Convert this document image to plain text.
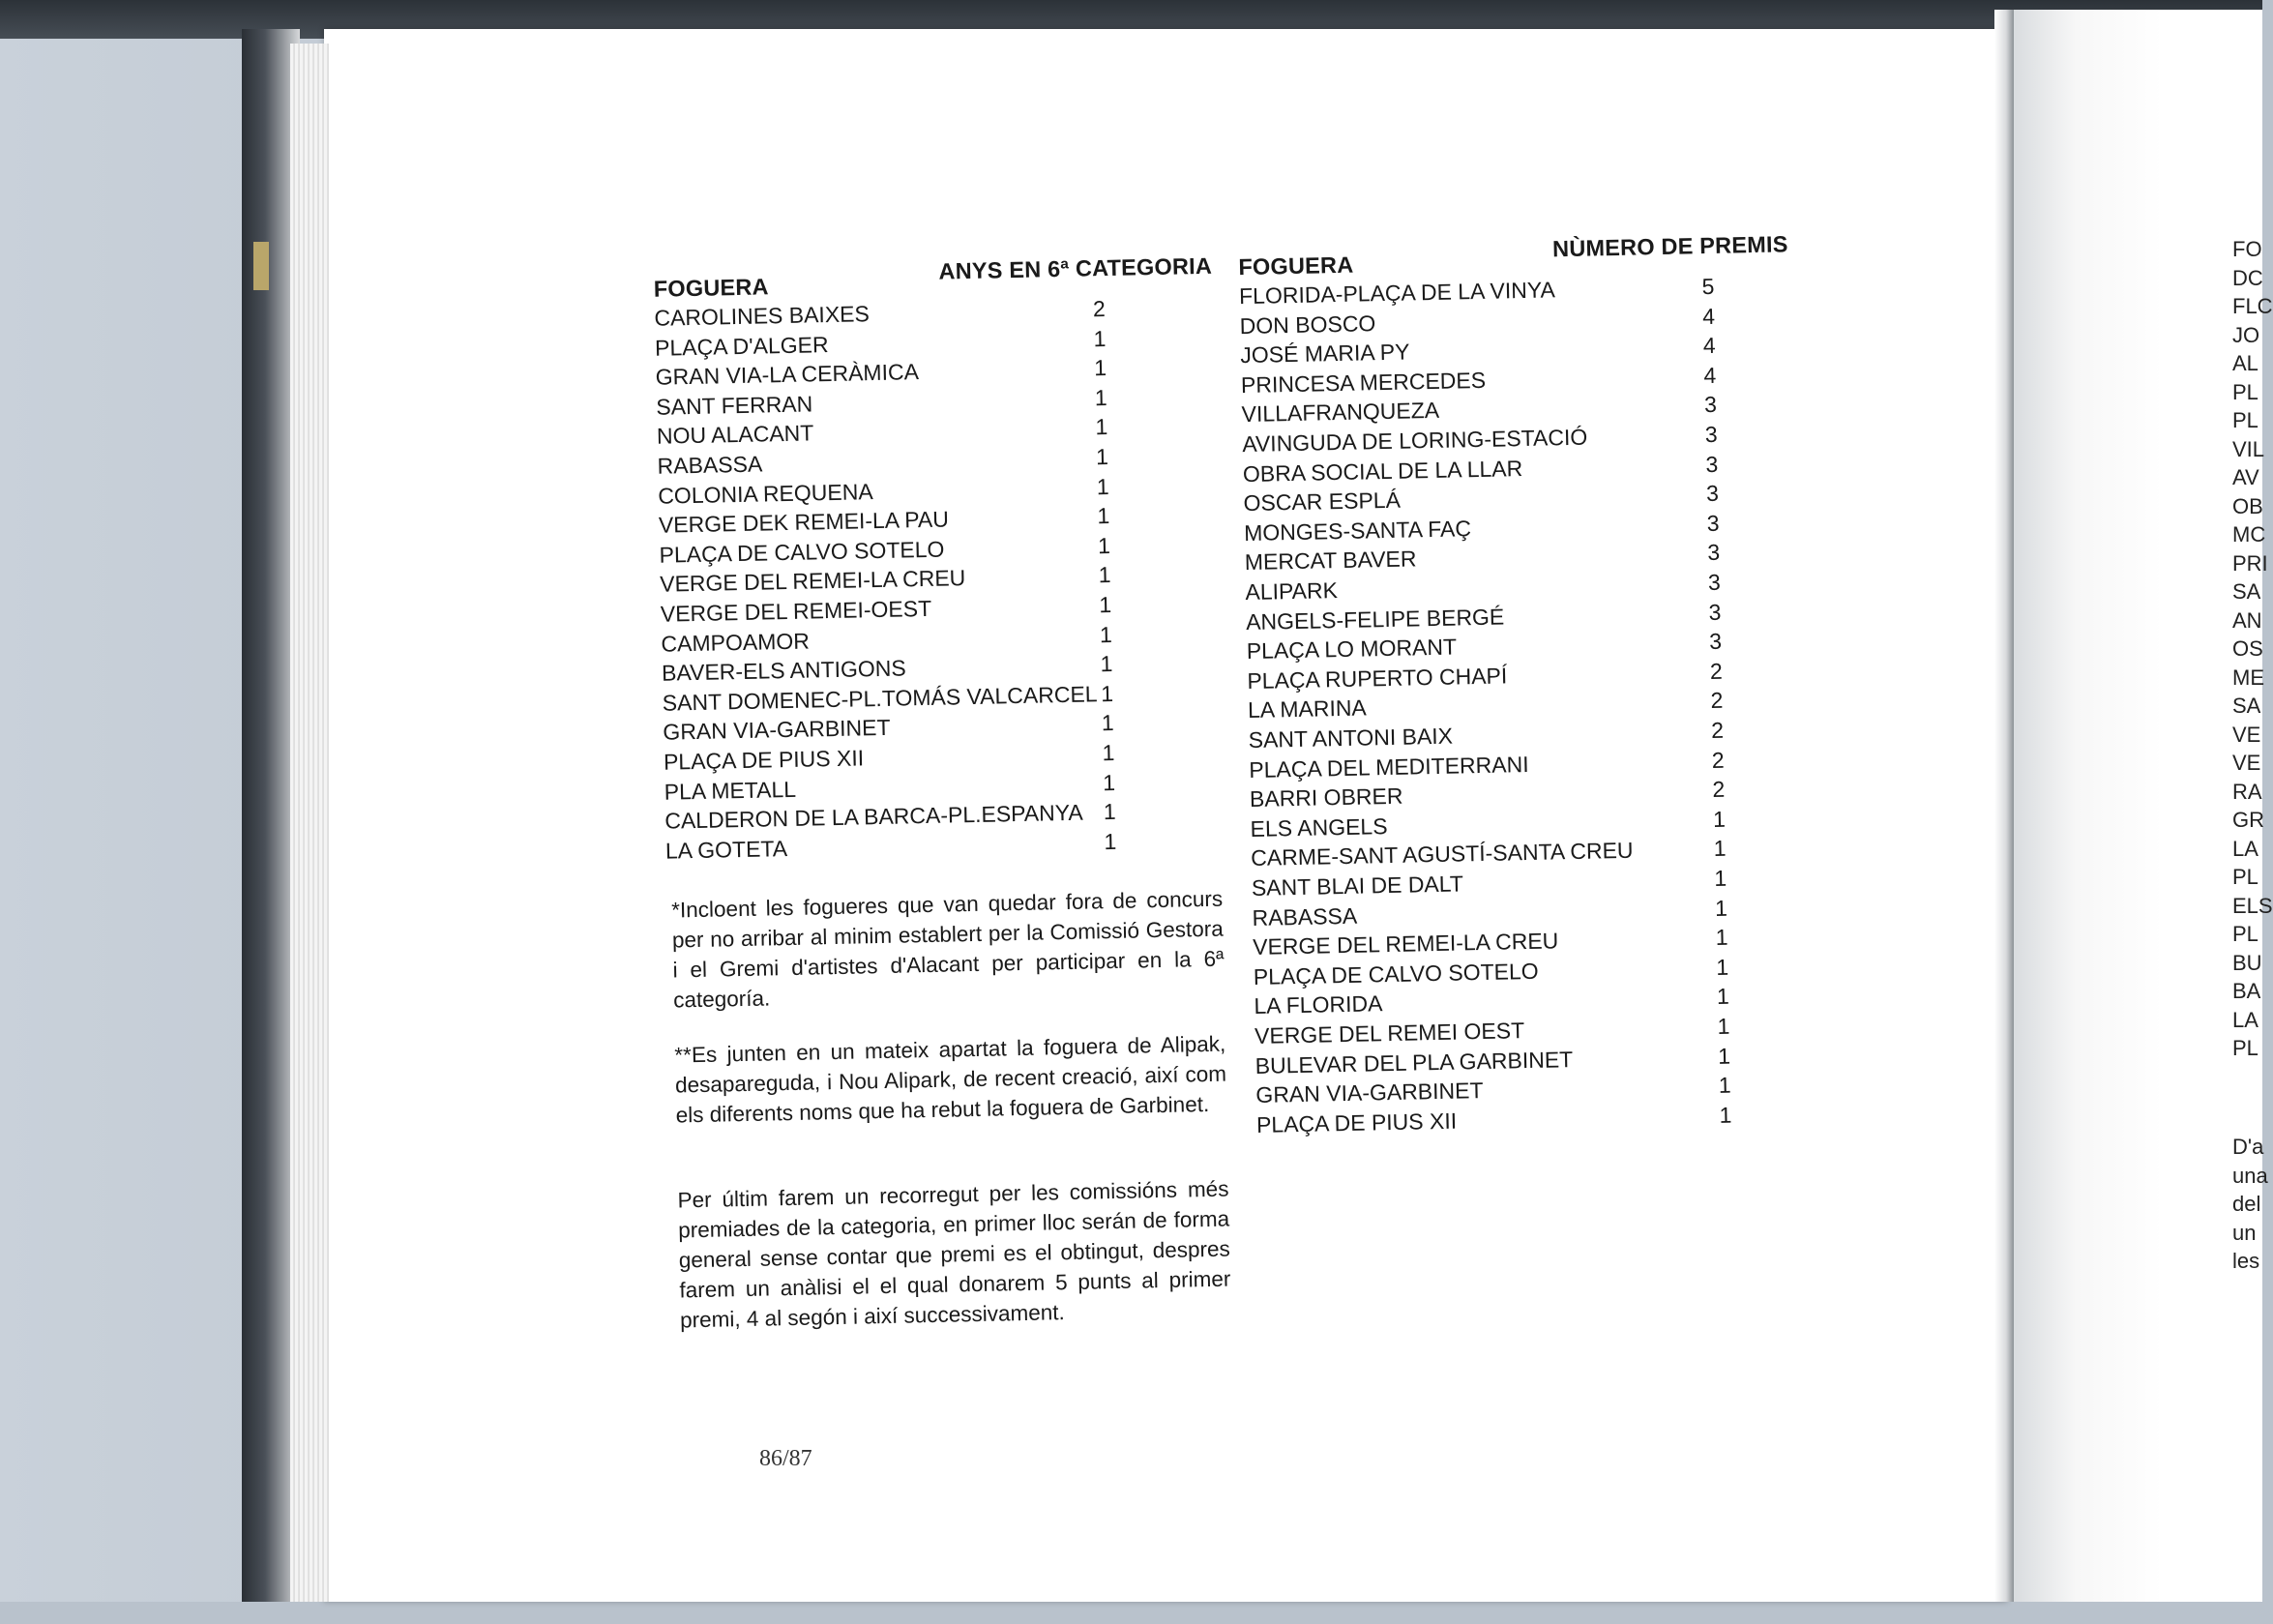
FOGUERA
ANYS EN 6ª CATEGORIA
CAROLINES BAIXES	2
PLAÇA D'ALGER	1
GRAN VIA-LA CERÀMICA	1
SANT FERRAN	1
NOU ALACANT	1
RABASSA	1
COLONIA REQUENA	1
VERGE DEK REMEI-LA PAU	1
PLAÇA DE CALVO SOTELO	1
VERGE DEL REMEI-LA CREU	1
VERGE DEL REMEI-OEST	1
CAMPOAMOR	1
BAVER-ELS ANTIGONS	1
SANT DOMENEC-PL.TOMÁS VALCARCEL 1
GRAN VIA-GARBINET	1
PLAÇA DE PIUS XII	1
PLA METALL	1
CALDERON DE LA BARCA-PL.ESPANYA 1
LA GOTETA	1
FOGUERA
NÙMERO DE PREMIS
FLORIDA-PLAÇA DE LA VINYA	5
DON BOSCO	4
JOSÉ MARIA PY	4
PRINCESA MERCEDES	4
VILLAFRANQUEZA	3
AVINGUDA DE LORING-ESTACIÓ	3
OBRA SOCIAL DE LA LLAR	3
OSCAR ESPLÁ	3
MONGES-SANTA FAÇ	3
MERCAT BAVER	3
ALIPARK	3
ANGELS-FELIPE BERGÉ	3
PLAÇA LO MORANT	3
PLAÇA RUPERTO CHAPÍ	2
LA MARINA	2
SANT ANTONI BAIX	2
PLAÇA DEL MEDITERRANI	2
BARRI OBRER	2
ELS ANGELS	1
CARME-SANT AGUSTÍ-SANTA CREU	1
SANT BLAI DE DALT	1
RABASSA	1
VERGE DEL REMEI-LA CREU	1
PLAÇA DE CALVO SOTELO	1
LA FLORIDA	1
VERGE DEL REMEI OEST	1
BULEVAR DEL PLA GARBINET	1
GRAN VIA-GARBINET	1
PLAÇA DE PIUS XII	1
*Incloent les fogueres que van quedar fora de concurs per no arribar al minim establert per la Comissió Gestora i el Gremi d'artistes d'Alacant per participar en la 6ª categoría.
**Es junten en un mateix apartat la foguera de Alipak, desapareguda, i Nou Alipark, de recent creació, així com els diferents noms que ha rebut la foguera de Garbinet.
Per últim farem un recorregut per les comissións més premiades de la categoria, en primer lloc serán de forma general sense contar que premi es el obtingut, despres farem un anàlisi el el qual donarem 5 punts al primer premi, 4 al segón i així successivament.
86/87
FO
DC
FLC
JO
AL
PL
PL
VIL
AV
OB
MC
PRI
SA
AN
OS
ME
SA
VE
VE
RA
GR
LA
PL
ELS
PL
BU
BA
LA
PL
D'a
una
del
un
les
